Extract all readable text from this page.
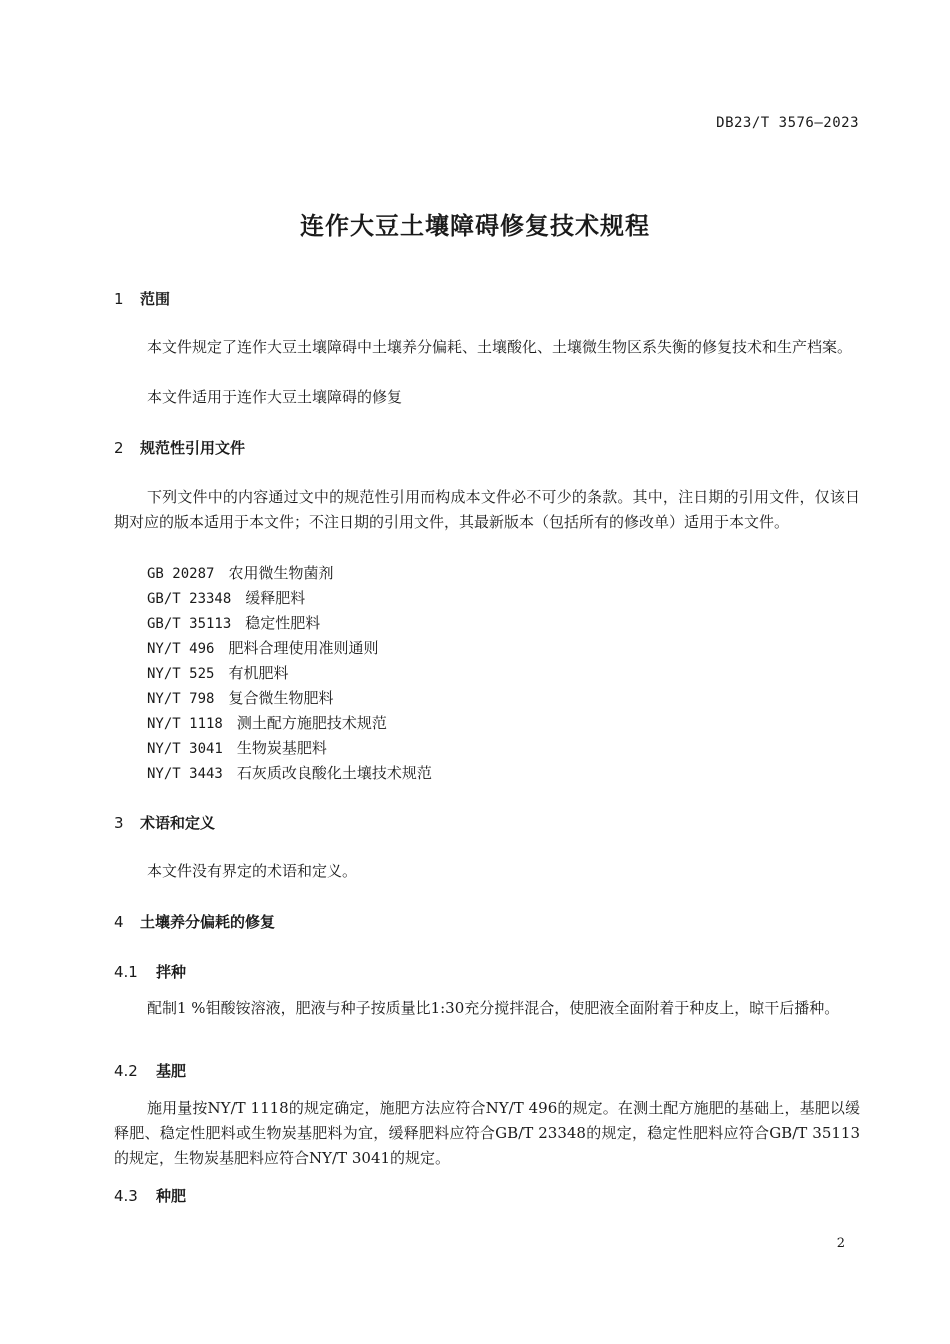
DB23/T 3576—2023
连作大豆土壤障碍修复技术规程
1 范围
本文件规定了连作大豆土壤障碍中土壤养分偏耗、土壤酸化、土壤微生物区系失衡的修复技术和生产档案。
本文件适用于连作大豆土壤障碍的修复
2 规范性引用文件
下列文件中的内容通过文中的规范性引用而构成本文件必不可少的条款。其中，注日期的引用文件，仅该日期对应的版本适用于本文件；不注日期的引用文件，其最新版本（包括所有的修改单）适用于本文件。
GB 20287 农用微生物菌剂
GB/T 23348 缓释肥料
GB/T 35113 稳定性肥料
NY/T 496 肥料合理使用准则通则
NY/T 525 有机肥料
NY/T 798 复合微生物肥料
NY/T 1118 测土配方施肥技术规范
NY/T 3041 生物炭基肥料
NY/T 3443 石灰质改良酸化土壤技术规范
3 术语和定义
本文件没有界定的术语和定义。
4 土壤养分偏耗的修复
4.1 拌种
配制1 %钼酸铵溶液，肥液与种子按质量比1:30充分搅拌混合，使肥液全面附着于种皮上，晾干后播种。
4.2 基肥
施用量按NY/T 1118的规定确定，施肥方法应符合NY/T 496的规定。在测土配方施肥的基础上，基肥以缓释肥、稳定性肥料或生物炭基肥料为宜，缓释肥料应符合GB/T 23348的规定，稳定性肥料应符合GB/T 35113的规定，生物炭基肥料应符合NY/T 3041的规定。
4.3 种肥
2
